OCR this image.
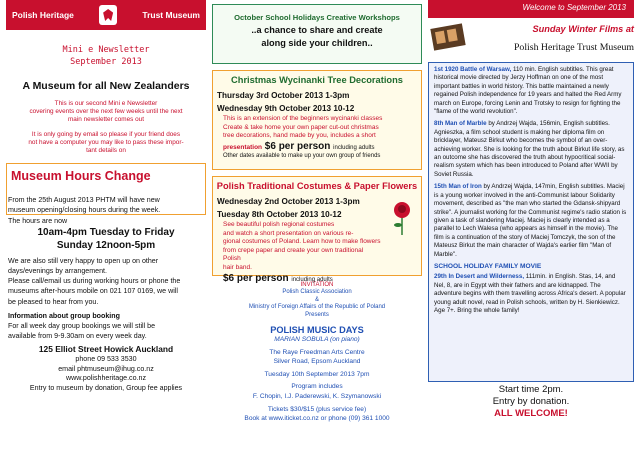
Polish Heritage	Trust Museum
Mini e Newsletter
September 2013
A Museum for all New Zealanders
This is our second Mini e Newsletter
covering events over the next few weeks until the next
main newsletter comes out
It is only going by email so please if your friend does
not have a computer you may like to pass these impor-
tant details on
Museum Hours Change
From the 25th August 2013 PHTM will have new
museum opening/closing hours during the week.
The hours are now
10am-4pm Tuesday to Friday
Sunday 12noon-5pm
We are also still very happy to open up on other
days/evenings by arrangement.
Please call/email us during working hours or phone the
museums after-hours mobile on 021 107 0169, we will
be pleased to hear from you.
Information about group booking
For all week day group bookings we will still be
available from 9-9.30am on every week day.
125 Elliot Street Howick Auckland
phone 09 533 3530
email phtmuseum@ihug.co.nz
www.polishheritage.co.nz
Entry to museum by donation, Group fee applies
October School Holidays Creative Workshops
..a chance to share and create
along side your children..
Christmas Wycinanki Tree Decorations
Thursday 3rd October 2013 1-3pm
Wednesday 9th October 2013 10-12
This is an extension of the beginners wycinanki classes
Create & take home your own paper cut-out christmas
tree decorations, hand made by you, includes a short
presentation $6 per person including adults
Other dates available to make up your own group of friends
Polish Traditional Costumes & Paper Flowers
Wednesday 2nd October 2013 1-3pm
Tuesday 8th October 2013 10-12
See beautiful polish regional costumes
and watch a short presentation on various re-
gional costumes of Poland. Learn how to make flowers
from crepe paper and create your own traditional Polish
hair band.
$6 per person including adults
INVITATION
Polish Classic Association
&
Ministry of Foreign Affairs of the Republic of Poland
Presents
POLISH MUSIC DAYS
MARIAN SOBULA (on piano)
The Raye Freedman Arts Centre
Silver Road, Epsom Auckland
Tuesday 10th September 2013 7pm
Program includes
F. Chopin, I.J. Paderewski, K. Szymanowski
Tickets $30/$15 (plus service fee)
Book at www.iticket.co.nz or phone (09) 361 1000
Welcome to September 2013
Sunday Winter Films at
Polish Heritage Trust Museum

1st 1920 Battle of Warsaw, 110 min. English subtitles. This great historical movie directed by Jerzy Hoffman on one of the most important battles in world history. This battle maintained a newly regained Polish independence for 19 years and halted the Red Army march on Europe, forcing Lenin and Trotsky to resign for fighting the "flame of the world revolution".

8th Man of Marble by Andrzej Wajda, 156min, English subtitles. Agnieszka, a film school student is making her diploma film on bricklayer, Mateusz Birkut who becomes the symbol of an over-achieving worker. She is looking for the truth about Birkut life story, as an outcome she has discovered the truth about hypocritical social-realism system which has been introduced to Poland after WWII by Soviet Russia.

15th Man of Iron by Andrzej Wajda, 147min, English subtitles. Maciej is a young worker involved in the anti-Communist labour Solidarity movement, described as "the man who started the Gdansk-shipyard strike". A journalist working for the Communist regime's radio station is given a task of slandering Maciej. Maciej is clearly intended as a parallel to Lech Walesa (who appears as himself in the movie). The film is a continuation of the story of Maciej Tomczyk, the son of the Mateusz Birkut the main character of Wajda's earlier film "Man of Marble".

SCHOOL HOLIDAY FAMILY MOVIE

29th In Desert and Wilderness, 111min. in English. Stas, 14, and Nel, 8, are in Egypt with their fathers and are kidnapped. The adventure begins with them travelling across Africa's desert. A popular young adult novel, read in Polish schools, written by H. Sienkiewicz. Age 7+. Bring the whole family!

Start time 2pm.
Entry by donation.
ALL WELCOME!
